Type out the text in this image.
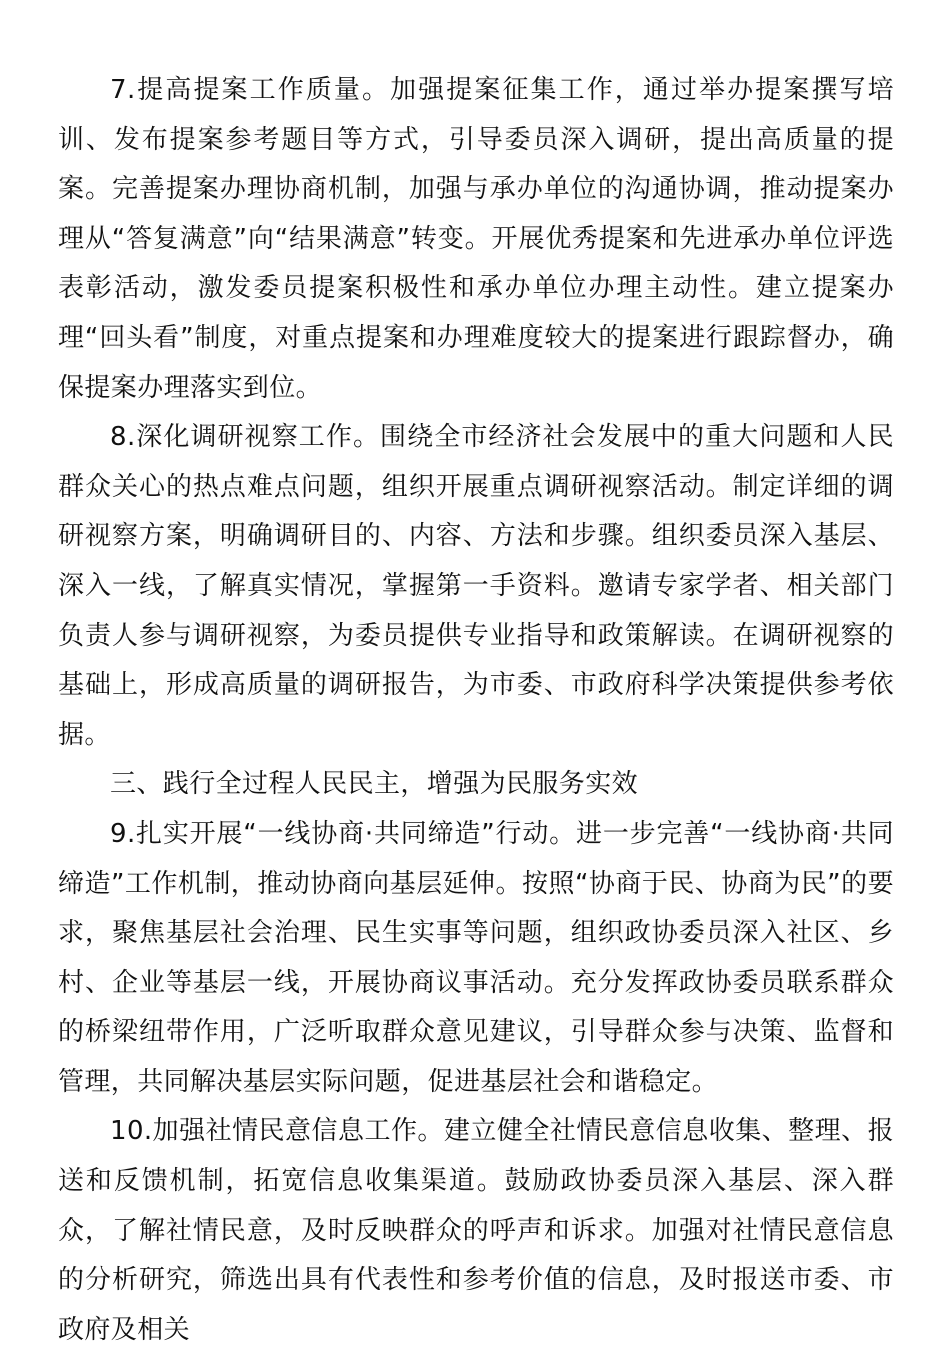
7.提高提案工作质量。加强提案征集工作，通过举办提案撰写培训、发布提案参考题目等方式，引导委员深入调研，提出高质量的提案。完善提案办理协商机制，加强与承办单位的沟通协调，推动提案办理从“答复满意”向“结果满意”转变。开展优秀提案和先进承办单位评选表彰活动，激发委员提案积极性和承办单位办理主动性。建立提案办理“回头看”制度，对重点提案和办理难度较大的提案进行跟踪督办，确保提案办理落实到位。

8.深化调研视察工作。围绕全市经济社会发展中的重大问题和人民群众关心的热点难点问题，组织开展重点调研视察活动。制定详细的调研视察方案，明确调研目的、内容、方法和步骤。组织委员深入基层、深入一线，了解真实情况，掌握第一手资料。邀请专家学者、相关部门负责人参与调研视察，为委员提供专业指导和政策解读。在调研视察的基础上，形成高质量的调研报告，为市委、市政府科学决策提供参考依据。

三、践行全过程人民民主，增强为民服务实效

9.扎实开展“一线协商·共同缔造”行动。进一步完善“一线协商·共同缔造”工作机制，推动协商向基层延伸。按照“协商于民、协商为民”的要求，聚焦基层社会治理、民生实事等问题，组织政协委员深入社区、乡村、企业等基层一线，开展协商议事活动。充分发挥政协委员联系群众的桥梁纽带作用，广泛听取群众意见建议，引导群众参与决策、监督和管理，共同解决基层实际问题，促进基层社会和谐稳定。

10.加强社情民意信息工作。建立健全社情民意信息收集、整理、报送和反馈机制，拓宽信息收集渠道。鼓励政协委员深入基层、深入群众，了解社情民意，及时反映群众的呼声和诉求。加强对社情民意信息的分析研究，筛选出具有代表性和参考价值的信息，及时报送市委、市政府及相关
